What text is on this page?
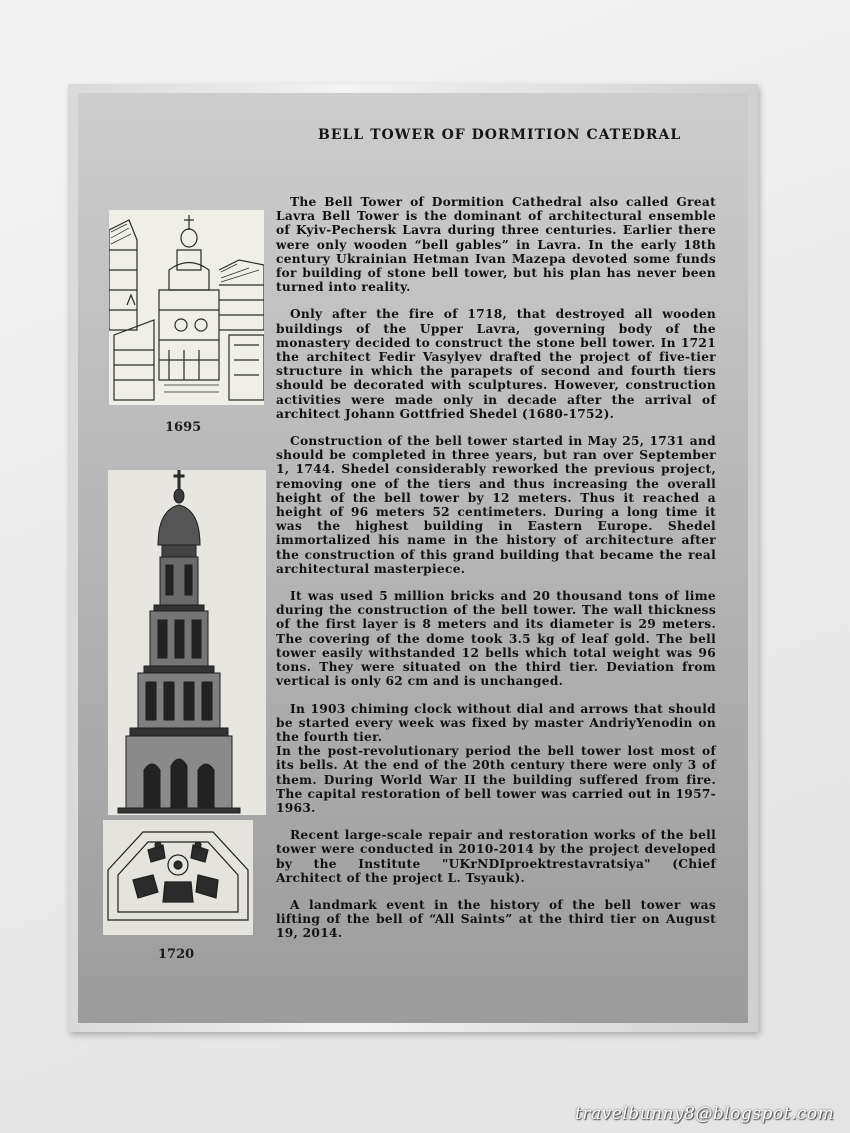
BELL TOWER OF DORMITION CATEDRAL
1695
1720

The Bell Tower of Dormition Cathedral also called Great Lavra Bell Tower is the dominant of architectural ensemble of Kyiv-Pechersk Lavra during three centuries. Earlier there were only wooden “bell gables” in Lavra. In the early 18th century Ukrainian Hetman Ivan Mazepa devoted some funds for building of stone bell tower, but his plan has never been turned into reality.

Only after the fire of 1718, that destroyed all wooden buildings of the Upper Lavra, governing body of the monastery decided to construct the stone bell tower. In 1721 the architect Fedir Vasylyev drafted the project of five-tier structure in which the parapets of second and fourth tiers should be decorated with sculptures. However, construction activities were made only in decade after the arrival of architect Johann Gottfried Shedel (1680-1752).

Construction of the bell tower started in May 25, 1731 and should be completed in three years, but ran over September 1, 1744. Shedel considerably reworked the previous project, removing one of the tiers and thus increasing the overall height of the bell tower by 12 meters. Thus it reached a height of 96 meters 52 centimeters. During a long time it was the highest building in Eastern Europe. Shedel immortalized his name in the history of architecture after the construction of this grand building that became the real architectural masterpiece.

It was used 5 million bricks and 20 thousand tons of lime during the construction of the bell tower. The wall thickness of the first layer is 8 meters and its diameter is 29 meters. The covering of the dome took 3.5 kg of leaf gold. The bell tower easily withstanded 12 bells which total weight was 96 tons. They were situated on the third tier. Deviation from vertical is only 62 cm and is unchanged.

In 1903 chiming clock without dial and arrows that should be started every week was fixed by master AndriyYenodin on the fourth tier.

In the post-revolutionary period the bell tower lost most of its bells. At the end of the 20th century there were only 3 of them. During World War II the building suffered from fire. The capital restoration of bell tower was carried out in 1957-1963.

Recent large-scale repair and restoration works of the bell tower were conducted in 2010-2014 by the project developed by the Institute "UKrNDIproektrestavratsiya" (Chief Architect of the project L. Tsyauk).

A landmark event in the history of the bell tower was lifting of the bell of “All Saints” at the third tier on August 19, 2014.

travelbunny8@blogspot.com
